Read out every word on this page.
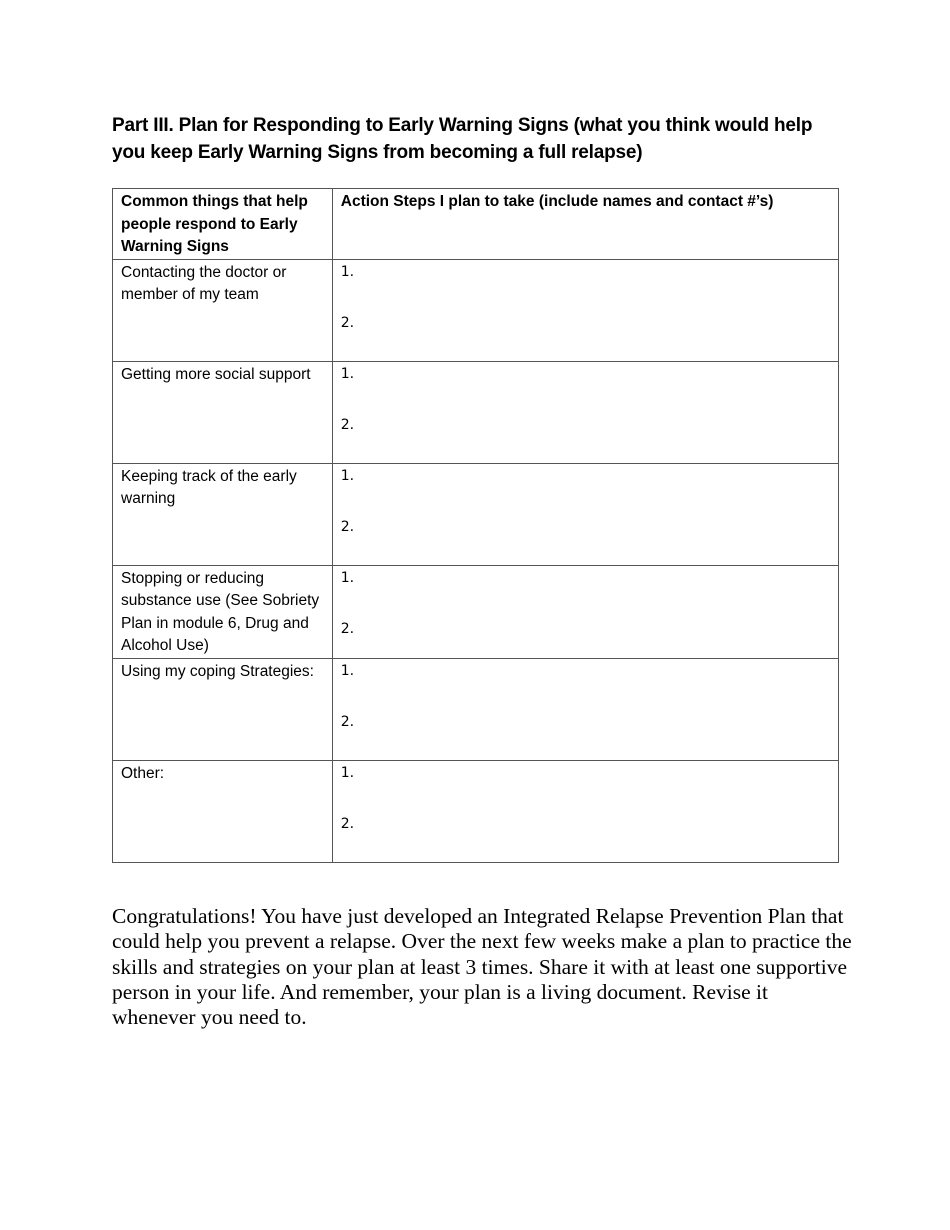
Part III. Plan for Responding to Early Warning Signs (what you think would help you keep Early Warning Signs from becoming a full relapse)
Common things that help people respond to Early Warning Signs	Action Steps I plan to take (include names and contact #’s)
Contacting the doctor or member of my team	1.
2.

Getting more social support	1.
2.

Keeping track of the early warning	1.
2.

Stopping or reducing substance use (See Sobriety Plan in module 6, Drug and Alcohol Use)	1.
2.

Using my coping Strategies:	1.
2.

Other:	1.
2.

Congratulations! You have just developed an Integrated Relapse Prevention Plan that could help you prevent a relapse. Over the next few weeks make a plan to practice the skills and strategies on your plan at least 3 times. Share it with at least one supportive person in your life. And remember, your plan is a living document. Revise it whenever you need to.
